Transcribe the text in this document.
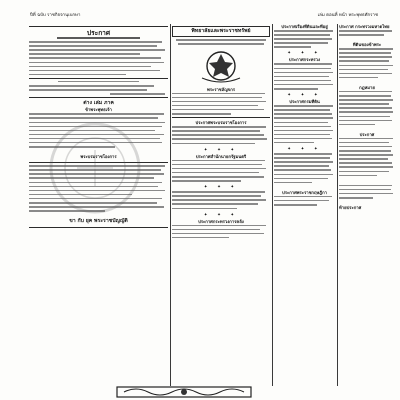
ปีที่ ฉบับ ราชกิจจานุเบกษา	เล่ม ตอนที่ หน้า พระพุทธศักราช
ประกาศ
ต่าง เล่ม ภาค
ข้าพระพุทธเจ้า
พระบรมราชโองการ
ขา กับ ยุค พระราชบัญญัติ
พิทยาลัยและพระราชทรัพย์
พระราชลัญจกร
ประกาศพระบรมราชโองการ
✦ ✦ ✦
ประกาศสำนักนายกรัฐมนตรี
✦ ✦ ✦
✦ ✦ ✦
ประกาศกระทรวงการคลัง
ประกาศเรื่องที่ดินและที่อยู่
✦ ✦ ✦
ประกาศกระทรวง
✦ ✦ ✦
ประกาศกรมที่ดิน
✦ ✦ ✦
ประกาศพระราชกฤษฎีกา
ประกาศ กระทรวงมหาดไทย
ที่ดินของข้าพระ
กฎหมาย
ประกาศ
ท้ายประกาศ
